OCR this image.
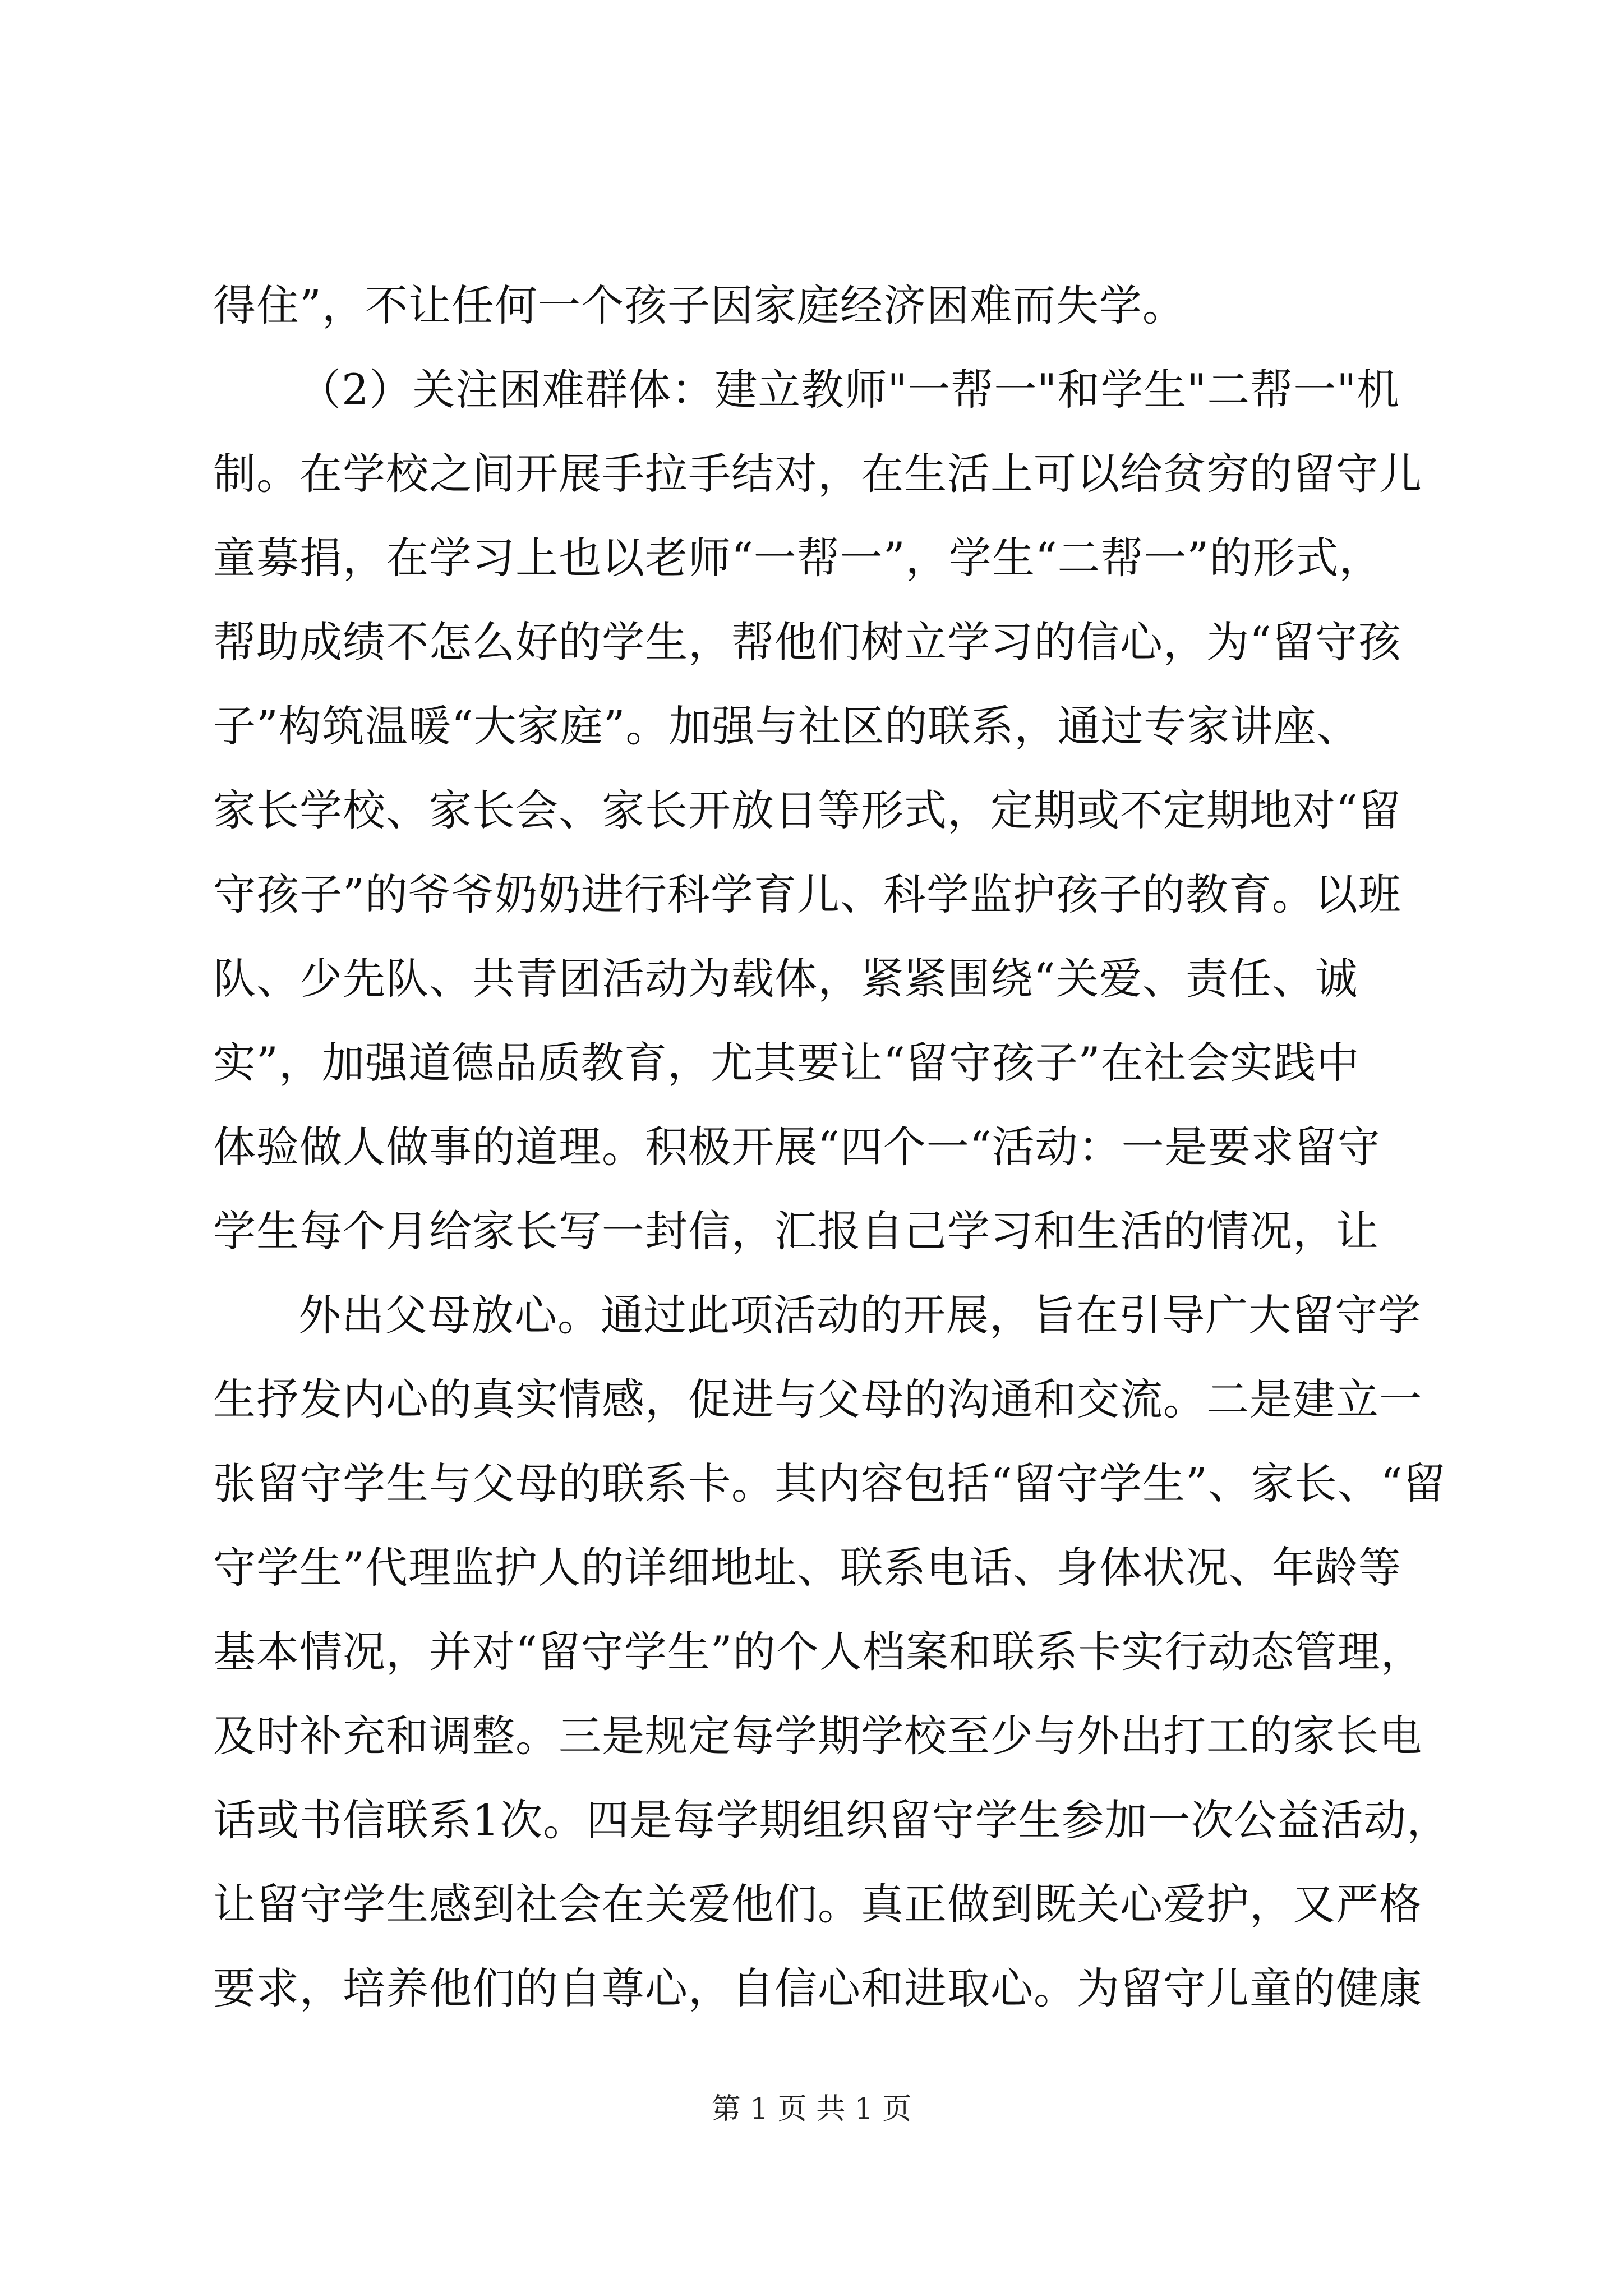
得住”，不让任何一个孩子因家庭经济困难而失学。
（2）关注困难群体：建立教师"一帮一"和学生"二帮一"机
制。在学校之间开展手拉手结对，在生活上可以给贫穷的留守儿
童募捐，在学习上也以老师“一帮一”，学生“二帮一”的形式，
帮助成绩不怎么好的学生，帮他们树立学习的信心，为“留守孩
子”构筑温暖“大家庭”。加强与社区的联系，通过专家讲座、
家长学校、家长会、家长开放日等形式，定期或不定期地对“留
守孩子”的爷爷奶奶进行科学育儿、科学监护孩子的教育。以班
队、少先队、共青团活动为载体，紧紧围绕“关爱、责任、诚
实”，加强道德品质教育，尤其要让“留守孩子”在社会实践中
体验做人做事的道理。积极开展“四个一“活动：一是要求留守
学生每个月给家长写一封信，汇报自己学习和生活的情况，让
外出父母放心。通过此项活动的开展，旨在引导广大留守学
生抒发内心的真实情感，促进与父母的沟通和交流。二是建立一
张留守学生与父母的联系卡。其内容包括“留守学生”、家长、“留
守学生”代理监护人的详细地址、联系电话、身体状况、年龄等
基本情况，并对“留守学生”的个人档案和联系卡实行动态管理，
及时补充和调整。三是规定每学期学校至少与外出打工的家长电
话或书信联系1次。四是每学期组织留守学生参加一次公益活动，
让留守学生感到社会在关爱他们。真正做到既关心爱护，又严格
要求，培养他们的自尊心，自信心和进取心。为留守儿童的健康
第 1 页 共 1 页
